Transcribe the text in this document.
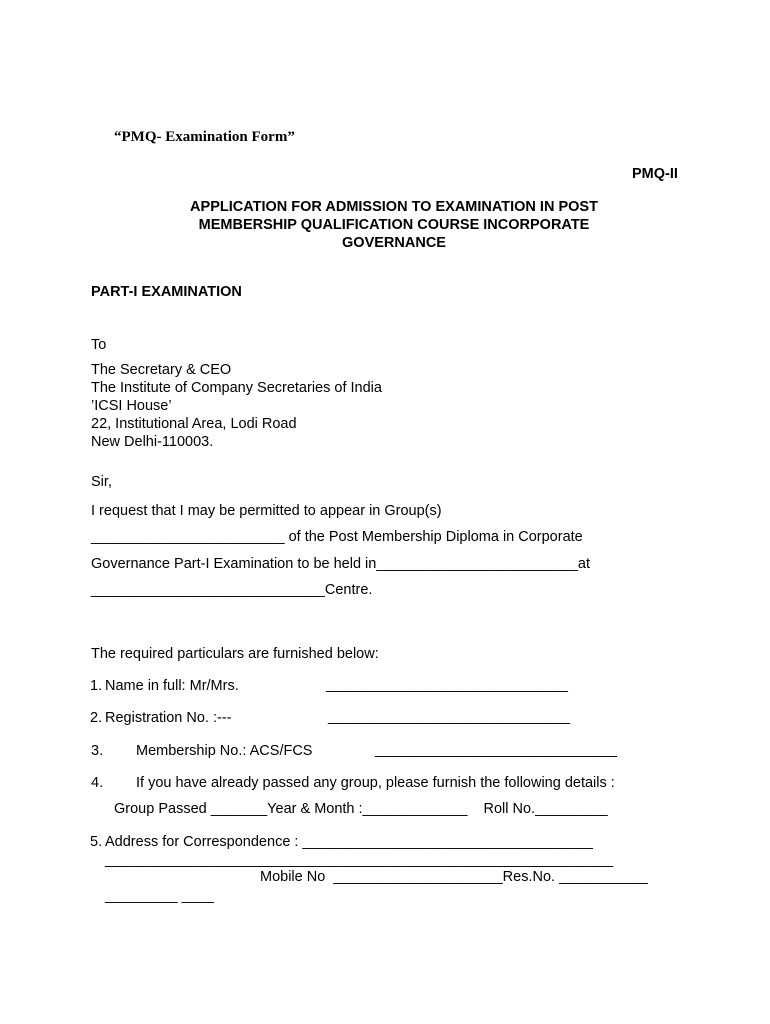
“PMQ- Examination Form”
PMQ-II
APPLICATION FOR ADMISSION TO EXAMINATION IN POST MEMBERSHIP QUALIFICATION COURSE INCORPORATE GOVERNANCE
PART-I EXAMINATION
To
The Secretary & CEO
The Institute of Company Secretaries of India
’ICSI House’
22, Institutional Area, Lodi Road
New Delhi-110003.
Sir,
I request that I may be permitted to appear in Group(s)
________________________ of the Post Membership Diploma in Corporate
Governance Part-I Examination to be held in_________________________at
_____________________________Centre.
The required particulars are furnished below:
1. Name in full: Mr/Mrs.	______________________________
2. Registration No. :---	______________________________
3. Membership No.: ACS/FCS	______________________________
4. If you have already passed any group, please furnish the following details :
Group Passed _______Year & Month :_____________    Roll No._________
5. Address for Correspondence : ____________________________________
_______________________________________________________________
Mobile No  _____________________Res.No. ___________
_________ ____
